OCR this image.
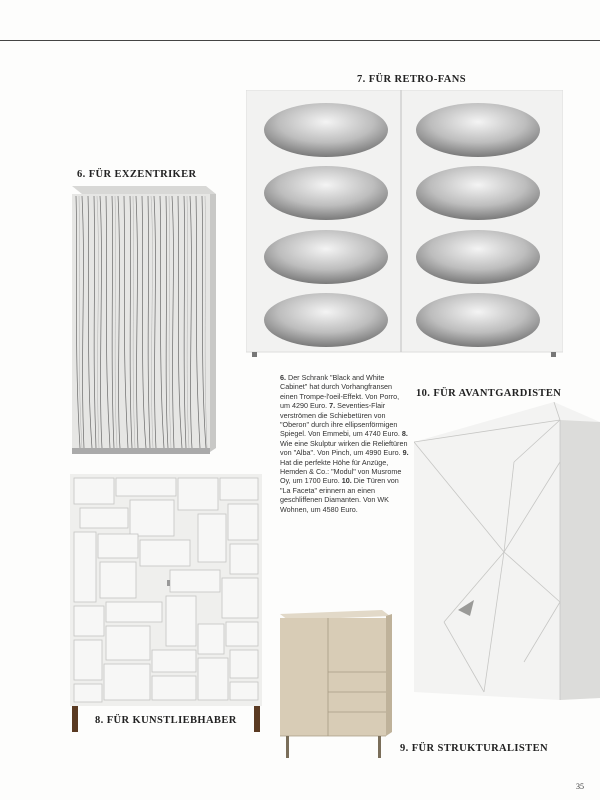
7. FÜR RETRO-FANS
6. FÜR EXZENTRIKER
10. FÜR AVANTGARDISTEN
8. FÜR KUNSTLIEBHABER
9. FÜR STRUKTURALISTEN
6. Der Schrank "Black and White Cabinet" hat durch Vorhangfransen einen Trompe-l'oeil-Effekt. Von Porro, um 4290 Euro. 7. Seventies-Flair verströmen die Schiebetüren von "Oberon" durch ihre ellipsenförmigen Spiegel. Von Emmebi, um 4740 Euro. 8. Wie eine Skulptur wirken die Relieftüren von "Alba". Von Pinch, um 4990 Euro. 9. Hat die perfekte Höhe für Anzüge, Hemden & Co.: "Modul" von Musrome Oy, um 1700 Euro. 10. Die Türen von "La Faceta" erinnern an einen geschliffenen Diamanten. Von WK Wohnen, um 4580 Euro.
35
